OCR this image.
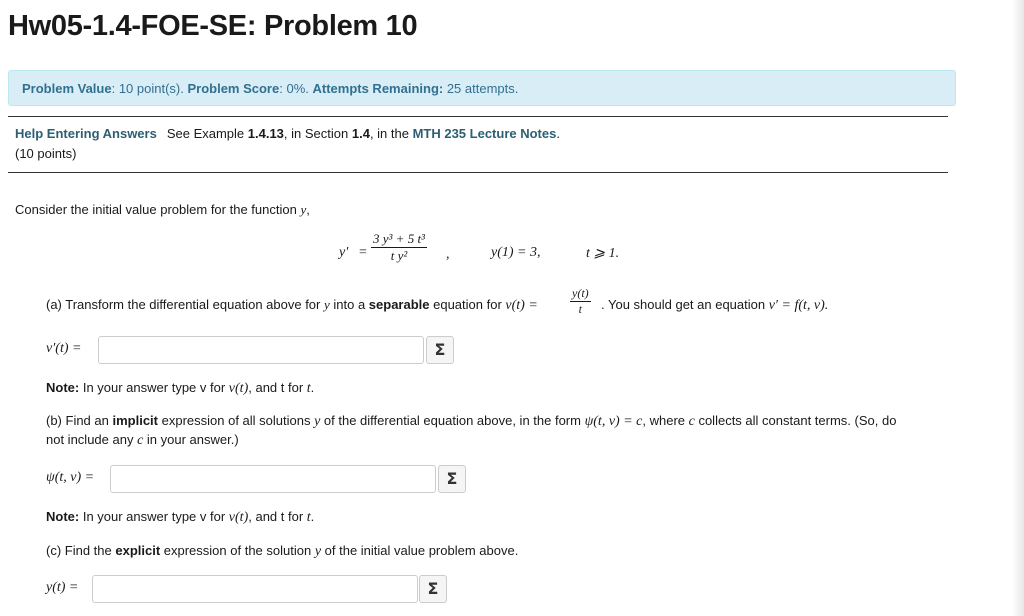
Hw05-1.4-FOE-SE: Problem 10
Problem Value: 10 point(s). Problem Score: 0%. Attempts Remaining: 25 attempts.
Help Entering Answers See Example 1.4.13, in Section 1.4, in the MTH 235 Lecture Notes.
(10 points)
Consider the initial value problem for the function y,
$y' = \frac{\text{3 y³ + 5 t³}}{\text{t y²}}$ ,	y(1) = 3,	t ⩾ 1.
(a) Transform the differential equation above for y into a separable equation for v(t) =	$\frac{y(t)}{t}$ . You should get an equation v′ = f(t, v).
v′(t) =	Σ
Note: In your answer type v for v(t), and t for t.
(b) Find an implicit expression of all solutions y of the differential equation above, in the form ψ(t, v) = c, where c collects all constant terms. (So, do
not include any c in your answer.)
ψ(t, v) =	Σ
Note: In your answer type v for v(t), and t for t.
(c) Find the explicit expression of the solution y of the initial value problem above.
y(t) =	Σ
